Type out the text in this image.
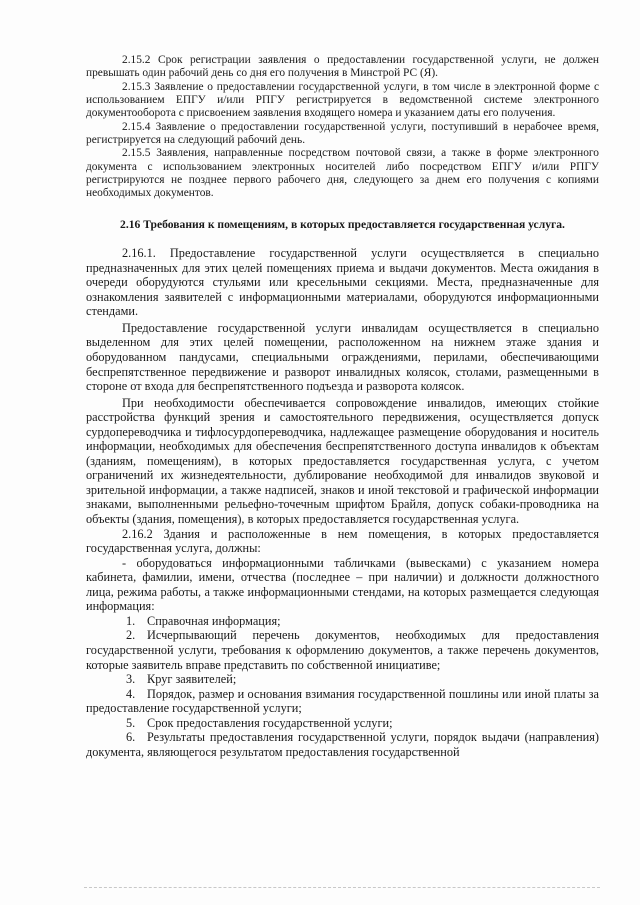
2.15.2 Срок регистрации заявления о предоставлении государственной услуги, не должен превышать один рабочий день со дня его получения в Минстрой РС (Я).

2.15.3 Заявление о предоставлении государственной услуги, в том числе в электронной форме с использованием ЕПГУ и/или РПГУ регистрируется в ведомственной системе электронного документооборота с присвоением заявления входящего номера и указанием даты его получения.

2.15.4 Заявление о предоставлении государственной услуги, поступивший в нерабочее время, регистрируется на следующий рабочий день.

2.15.5 Заявления, направленные посредством почтовой связи, а также в форме электронного документа с использованием электронных носителей либо посредством ЕПГУ и/или РПГУ регистрируются не позднее первого рабочего дня, следующего за днем его получения с копиями необходимых документов.

2.16 Требования к помещениям, в которых предоставляется государственная услуга.

2.16.1. Предоставление государственной услуги осуществляется в специально предназначенных для этих целей помещениях приема и выдачи документов. Места ожидания в очереди оборудуются стульями или кресельными секциями. Места, предназначенные для ознакомления заявителей с информационными материалами, оборудуются информационными стендами.

Предоставление государственной услуги инвалидам осуществляется в специально выделенном для этих целей помещении, расположенном на нижнем этаже здания и оборудованном пандусами, специальными ограждениями, перилами, обеспечивающими беспрепятственное передвижение и разворот инвалидных колясок, столами, размещенными в стороне от входа для беспрепятственного подъезда и разворота колясок.

При необходимости обеспечивается сопровождение инвалидов, имеющих стойкие расстройства функций зрения и самостоятельного передвижения, осуществляется допуск сурдопереводчика и тифлосурдопереводчика, надлежащее размещение оборудования и носитель информации, необходимых для обеспечения беспрепятственного доступа инвалидов к объектам (зданиям, помещениям), в которых предоставляется государственная услуга, с учетом ограничений их жизнедеятельности, дублирование необходимой для инвалидов звуковой и зрительной информации, а также надписей, знаков и иной текстовой и графической информации знаками, выполненными рельефно-точечным шрифтом Брайля, допуск собаки-проводника на объекты (здания, помещения), в которых предоставляется государственная услуга.

2.16.2 Здания и расположенные в нем помещения, в которых предоставляется государственная услуга, должны:

- оборудоваться информационными табличками (вывесками) с указанием номера кабинета, фамилии, имени, отчества (последнее – при наличии) и должности должностного лица, режима работы, а также информационными стендами, на которых размещается следующая информация:

1. Справочная информация;

2. Исчерпывающий перечень документов, необходимых для предоставления государственной услуги, требования к оформлению документов, а также перечень документов, которые заявитель вправе представить по собственной инициативе;

3. Круг заявителей;

4. Порядок, размер и основания взимания государственной пошлины или иной платы за предоставление государственной услуги;

5. Срок предоставления государственной услуги;

6. Результаты предоставления государственной услуги, порядок выдачи (направления) документа, являющегося результатом предоставления государственной
